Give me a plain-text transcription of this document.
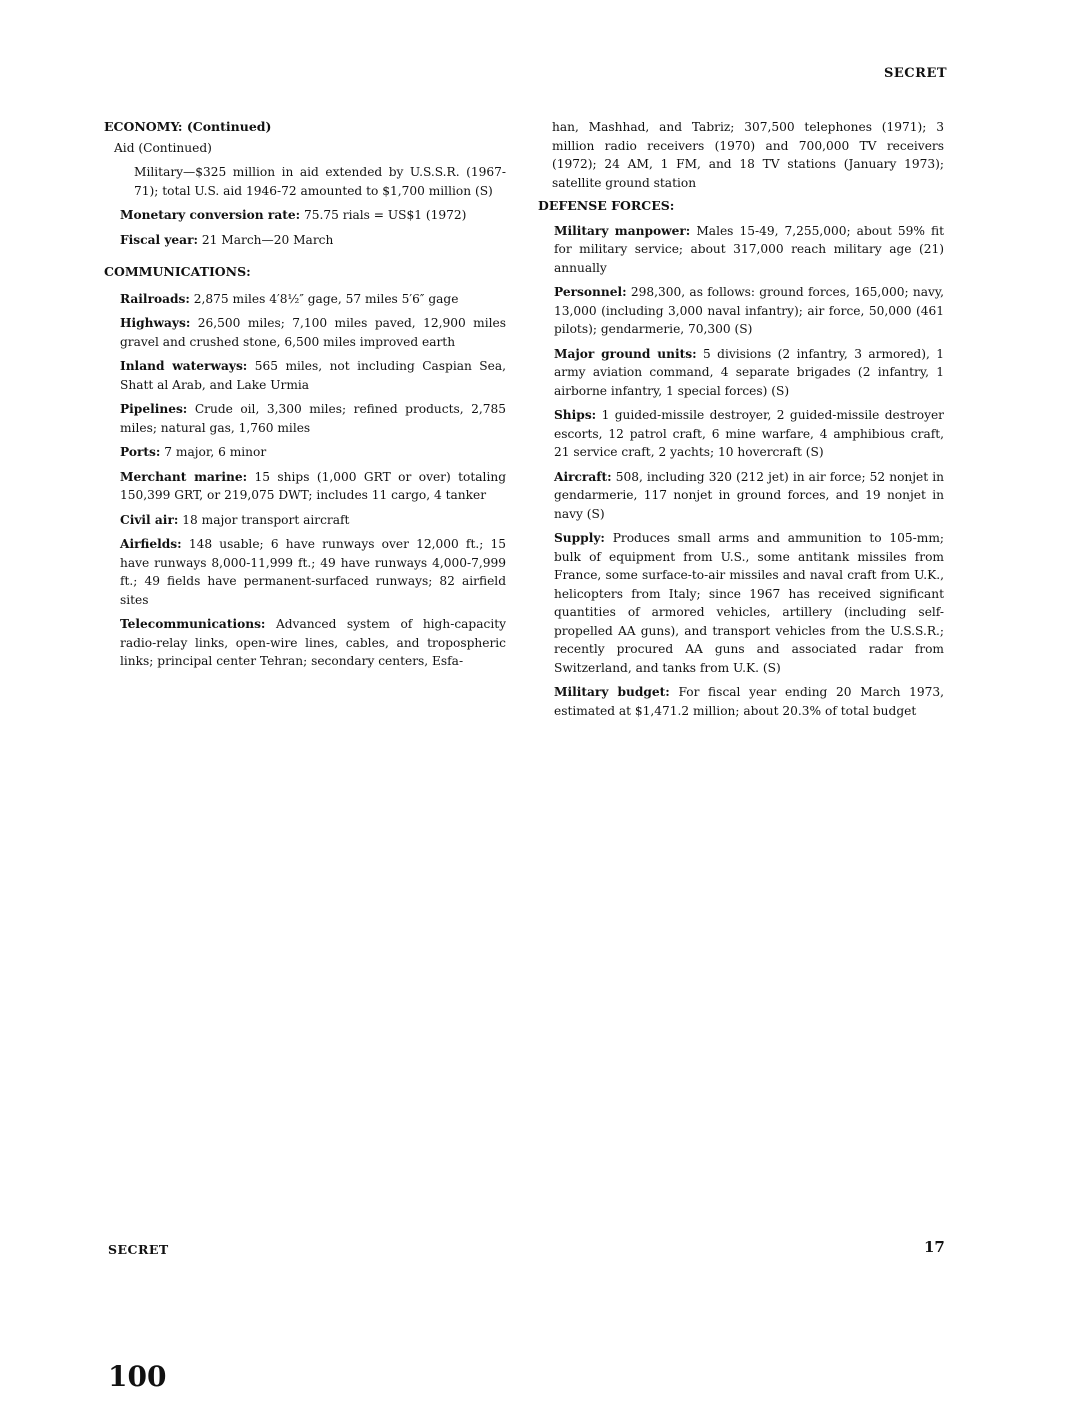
SECRET
ECONOMY: (Continued)
Aid (Continued)
Military—$325 million in aid extended by U.S.S.R. (1967-71); total U.S. aid 1946-72 amounted to $1,700 million (S)
Monetary conversion rate: 75.75 rials = US$1 (1972)
Fiscal year: 21 March—20 March
COMMUNICATIONS:
Railroads: 2,875 miles 4′8½″ gage, 57 miles 5′6″ gage
Highways: 26,500 miles; 7,100 miles paved, 12,900 miles gravel and crushed stone, 6,500 miles improved earth
Inland waterways: 565 miles, not including Caspian Sea, Shatt al Arab, and Lake Urmia
Pipelines: Crude oil, 3,300 miles; refined products, 2,785 miles; natural gas, 1,760 miles
Ports: 7 major, 6 minor
Merchant marine: 15 ships (1,000 GRT or over) totaling 150,399 GRT, or 219,075 DWT; includes 11 cargo, 4 tanker
Civil air: 18 major transport aircraft
Airfields: 148 usable; 6 have runways over 12,000 ft.; 15 have runways 8,000-11,999 ft.; 49 have runways 4,000-7,999 ft.; 49 fields have permanent-surfaced runways; 82 airfield sites
Telecommunications: Advanced system of high-capacity radio-relay links, open-wire lines, cables, and tropospheric links; principal center Tehran; secondary centers, Esfa-
han, Mashhad, and Tabriz; 307,500 telephones (1971); 3 million radio receivers (1970) and 700,000 TV receivers (1972); 24 AM, 1 FM, and 18 TV stations (January 1973); satellite ground station
DEFENSE FORCES:
Military manpower: Males 15-49, 7,255,000; about 59% fit for military service; about 317,000 reach military age (21) annually
Personnel: 298,300, as follows: ground forces, 165,000; navy, 13,000 (including 3,000 naval infantry); air force, 50,000 (461 pilots); gendarmerie, 70,300 (S)
Major ground units: 5 divisions (2 infantry, 3 armored), 1 army aviation command, 4 separate brigades (2 infantry, 1 airborne infantry, 1 special forces) (S)
Ships: 1 guided-missile destroyer, 2 guided-missile destroyer escorts, 12 patrol craft, 6 mine warfare, 4 amphibious craft, 21 service craft, 2 yachts; 10 hovercraft (S)
Aircraft: 508, including 320 (212 jet) in air force; 52 nonjet in gendarmerie, 117 nonjet in ground forces, and 19 nonjet in navy (S)
Supply: Produces small arms and ammunition to 105-mm; bulk of equipment from U.S., some antitank missiles from France, some surface-to-air missiles and naval craft from U.K., helicopters from Italy; since 1967 has received significant quantities of armored vehicles, artillery (including self-propelled AA guns), and transport vehicles from the U.S.S.R.; recently procured AA guns and associated radar from Switzerland, and tanks from U.K. (S)
Military budget: For fiscal year ending 20 March 1973, estimated at $1,471.2 million; about 20.3% of total budget
SECRET	17
100
